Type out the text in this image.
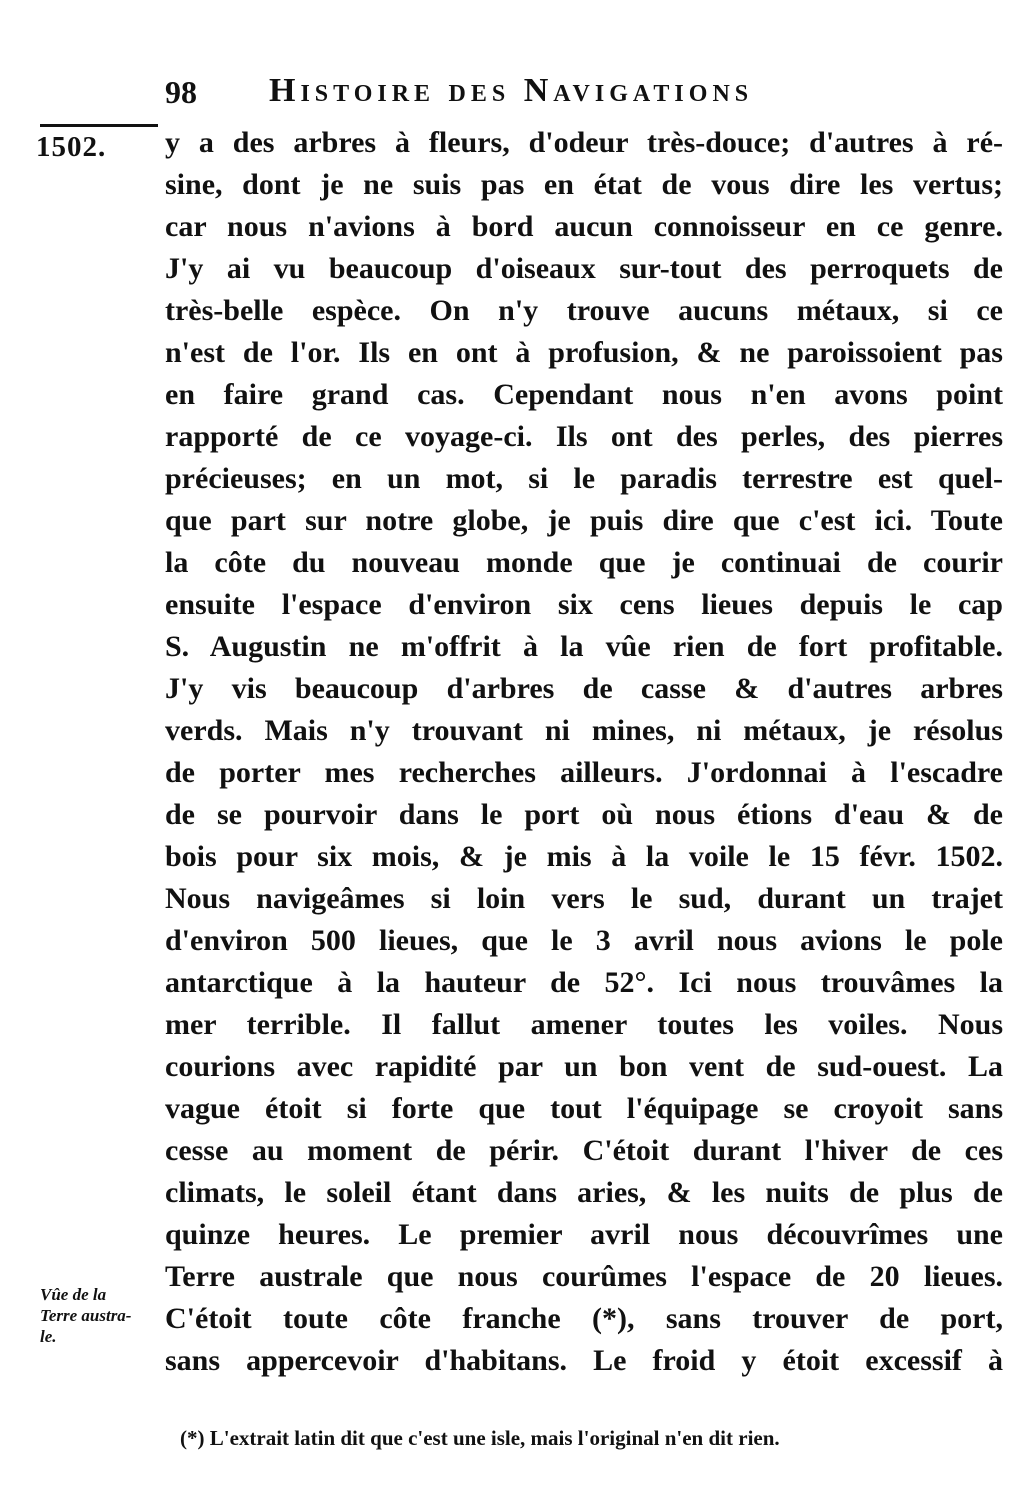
98 Histoire des Navigations
1502. y a des arbres à fleurs, d'odeur très-douce; d'autres à ré-
sine, dont je ne suis pas en état de vous dire les vertus;
car nous n'avions à bord aucun connoisseur en ce genre.
J'y ai vu beaucoup d'oiseaux sur-tout des perroquets de
très-belle espèce. On n'y trouve aucuns métaux, si ce
n'est de l'or. Ils en ont à profusion, & ne paroissoient pas
en faire grand cas. Cependant nous n'en avons point
rapporté de ce voyage-ci. Ils ont des perles, des pierres
précieuses; en un mot, si le paradis terrestre est quel-
que part sur notre globe, je puis dire que c'est ici. Toute
la côte du nouveau monde que je continuai de courir
ensuite l'espace d'environ six cens lieues depuis le cap
S. Augustin ne m'offrit à la vûe rien de fort profitable.
J'y vis beaucoup d'arbres de casse & d'autres arbres
verds. Mais n'y trouvant ni mines, ni métaux, je résolus
de porter mes recherches ailleurs. J'ordonnai à l'escadre
de se pourvoir dans le port où nous étions d'eau & de
bois pour six mois, & je mis à la voile le 15 févr. 1502.
Nous navigeâmes si loin vers le sud, durant un trajet
d'environ 500 lieues, que le 3 avril nous avions le pole
antarctique à la hauteur de 52°. Ici nous trouvâmes la
mer terrible. Il fallut amener toutes les voiles. Nous
courions avec rapidité par un bon vent de sud-ouest. La
vague étoit si forte que tout l'équipage se croyoit sans
cesse au moment de périr. C'étoit durant l'hiver de ces
climats, le soleil étant dans aries, & les nuits de plus de
quinze heures. Le premier avril nous découvrîmes une
Terre australe que nous courûmes l'espace de 20 lieues.
C'étoit toute côte franche (*), sans trouver de port,
sans appercevoir d'habitans. Le froid y étoit excessif à
Vûe de la
Terre austra-
le.
(*) L'extrait latin dit que c'est une isle, mais l'original n'en dit rien.
